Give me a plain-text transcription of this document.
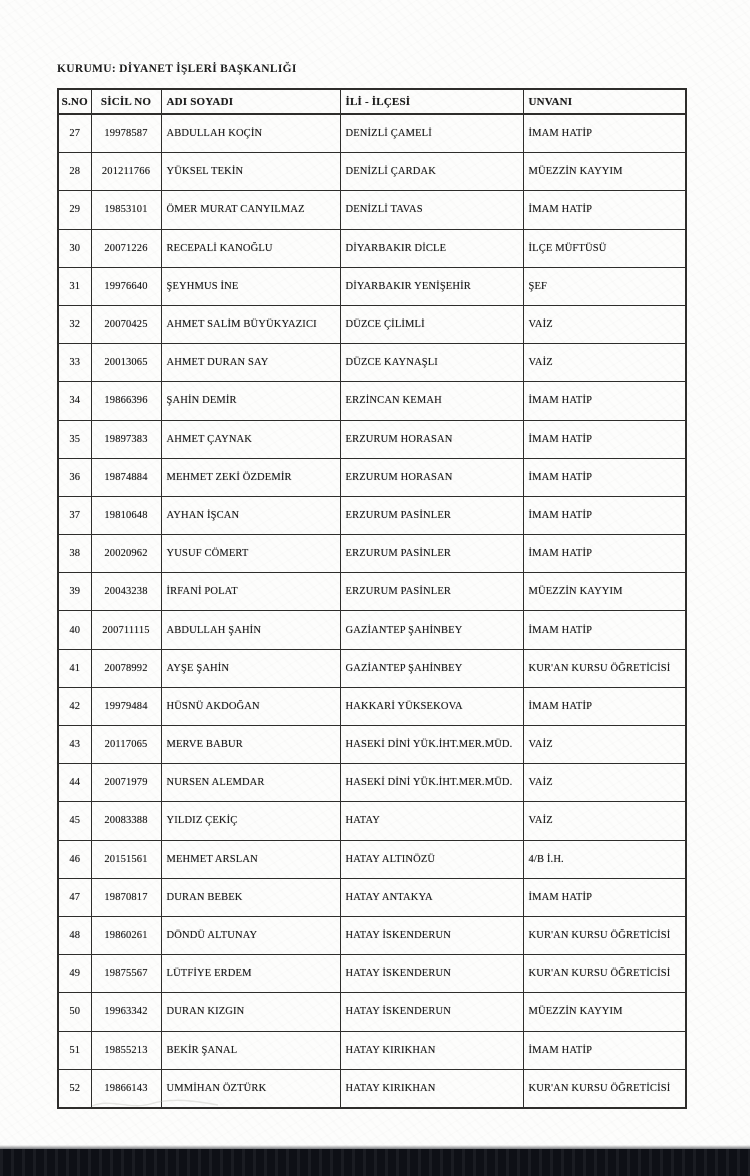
KURUMU: DİYANET İŞLERİ BAŞKANLIĞI
S.NO	SİCİL NO	ADI SOYADI	İLİ - İLÇESİ	UNVANI
27	19978587	ABDULLAH KOÇİN	DENİZLİ ÇAMELİ	İMAM HATİP
28	201211766	YÜKSEL TEKİN	DENİZLİ ÇARDAK	MÜEZZİN KAYYIM
29	19853101	ÖMER MURAT CANYILMAZ	DENİZLİ TAVAS	İMAM HATİP
30	20071226	RECEPALİ KANOĞLU	DİYARBAKIR DİCLE	İLÇE MÜFTÜSÜ
31	19976640	ŞEYHMUS İNE	DİYARBAKIR YENİŞEHİR	ŞEF
32	20070425	AHMET SALİM BÜYÜKYAZICI	DÜZCE ÇİLİMLİ	VAİZ
33	20013065	AHMET DURAN SAY	DÜZCE KAYNAŞLI	VAİZ
34	19866396	ŞAHİN DEMİR	ERZİNCAN KEMAH	İMAM HATİP
35	19897383	AHMET ÇAYNAK	ERZURUM HORASAN	İMAM HATİP
36	19874884	MEHMET ZEKİ ÖZDEMİR	ERZURUM HORASAN	İMAM HATİP
37	19810648	AYHAN İŞCAN	ERZURUM PASİNLER	İMAM HATİP
38	20020962	YUSUF CÖMERT	ERZURUM PASİNLER	İMAM HATİP
39	20043238	İRFANİ POLAT	ERZURUM PASİNLER	MÜEZZİN KAYYIM
40	200711115	ABDULLAH ŞAHİN	GAZİANTEP ŞAHİNBEY	İMAM HATİP
41	20078992	AYŞE ŞAHİN	GAZİANTEP ŞAHİNBEY	KUR'AN KURSU ÖĞRETİCİSİ
42	19979484	HÜSNÜ AKDOĞAN	HAKKARİ YÜKSEKOVA	İMAM HATİP
43	20117065	MERVE BABUR	HASEKİ DİNİ YÜK.İHT.MER.MÜD.	VAİZ
44	20071979	NURSEN ALEMDAR	HASEKİ DİNİ YÜK.İHT.MER.MÜD.	VAİZ
45	20083388	YILDIZ ÇEKİÇ	HATAY	VAİZ
46	20151561	MEHMET ARSLAN	HATAY ALTINÖZÜ	4/B İ.H.
47	19870817	DURAN BEBEK	HATAY ANTAKYA	İMAM HATİP
48	19860261	DÖNDÜ ALTUNAY	HATAY İSKENDERUN	KUR'AN KURSU ÖĞRETİCİSİ
49	19875567	LÜTFİYE ERDEM	HATAY İSKENDERUN	KUR'AN KURSU ÖĞRETİCİSİ
50	19963342	DURAN KIZGIN	HATAY İSKENDERUN	MÜEZZİN KAYYIM
51	19855213	BEKİR ŞANAL	HATAY KIRIKHAN	İMAM HATİP
52	19866143	UMMİHAN ÖZTÜRK	HATAY KIRIKHAN	KUR'AN KURSU ÖĞRETİCİSİ
